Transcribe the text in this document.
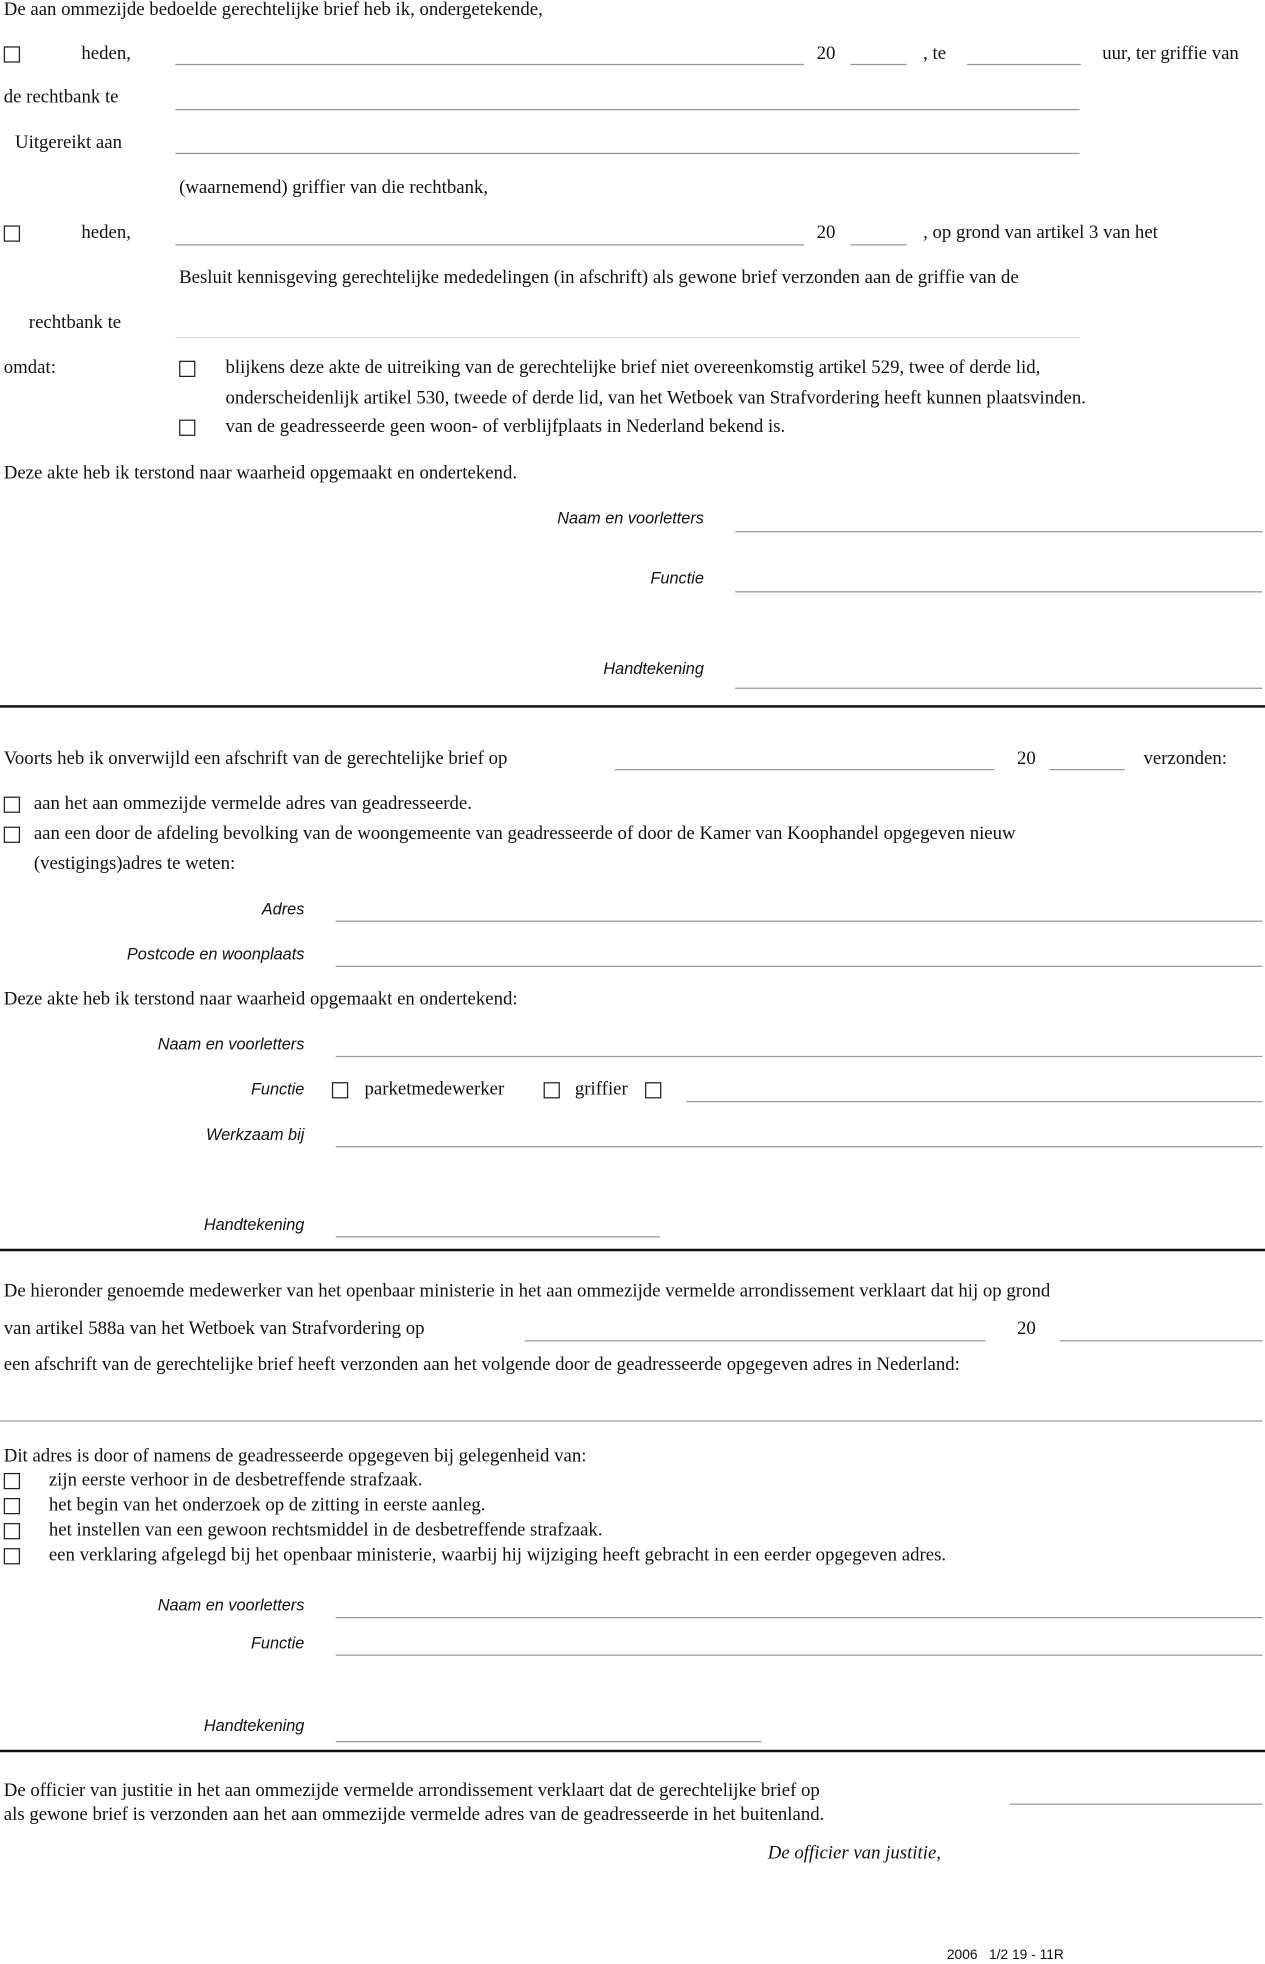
De aan ommezijde bedoelde gerechtelijke brief heb ik, ondergetekende,
heden,	20	, te	uur, ter griffie van
de rechtbank te
Uitgereikt aan
(waarnemend) griffier van die rechtbank,
heden,	20	, op grond van artikel 3 van het
Besluit kennisgeving gerechtelijke mededelingen (in afschrift) als gewone brief verzonden aan de griffie van de
rechtbank te
omdat:	blijkens deze akte de uitreiking van de gerechtelijke brief niet overeenkomstig artikel 529, twee of derde lid,
onderscheidenlijk artikel 530, tweede of derde lid, van het Wetboek van Strafvordering heeft kunnen plaatsvinden.
van de geadresseerde geen woon- of verblijfplaats in Nederland bekend is.
Deze akte heb ik terstond naar waarheid opgemaakt en ondertekend.
Naam en voorletters
Functie
Handtekening
Voorts heb ik onverwijld een afschrift van de gerechtelijke brief op	20	verzonden:
aan het aan ommezijde vermelde adres van geadresseerde.
aan een door de afdeling bevolking van de woongemeente van geadresseerde of door de Kamer van Koophandel opgegeven nieuw
(vestigings)adres te weten:
Adres
Postcode en woonplaats
Deze akte heb ik terstond naar waarheid opgemaakt en ondertekend:
Naam en voorletters
Functie	parketmedewerker	griffier
Werkzaam bij
Handtekening
De hieronder genoemde medewerker van het openbaar ministerie in het aan ommezijde vermelde arrondissement verklaart dat hij op grond
van artikel 588a van het Wetboek van Strafvordering op	20
een afschrift van de gerechtelijke brief heeft verzonden aan het volgende door de geadresseerde opgegeven adres in Nederland:
Dit adres is door of namens de geadresseerde opgegeven bij gelegenheid van:
zijn eerste verhoor in de desbetreffende strafzaak.
het begin van het onderzoek op de zitting in eerste aanleg.
het instellen van een gewoon rechtsmiddel in de desbetreffende strafzaak.
een verklaring afgelegd bij het openbaar ministerie, waarbij hij wijziging heeft gebracht in een eerder opgegeven adres.
Naam en voorletters
Functie
Handtekening
De officier van justitie in het aan ommezijde vermelde arrondissement verklaart dat de gerechtelijke brief op
als gewone brief is verzonden aan het aan ommezijde vermelde adres van de geadresseerde in het buitenland.
De officier van justitie,
2006   1/2 19 - 11R
